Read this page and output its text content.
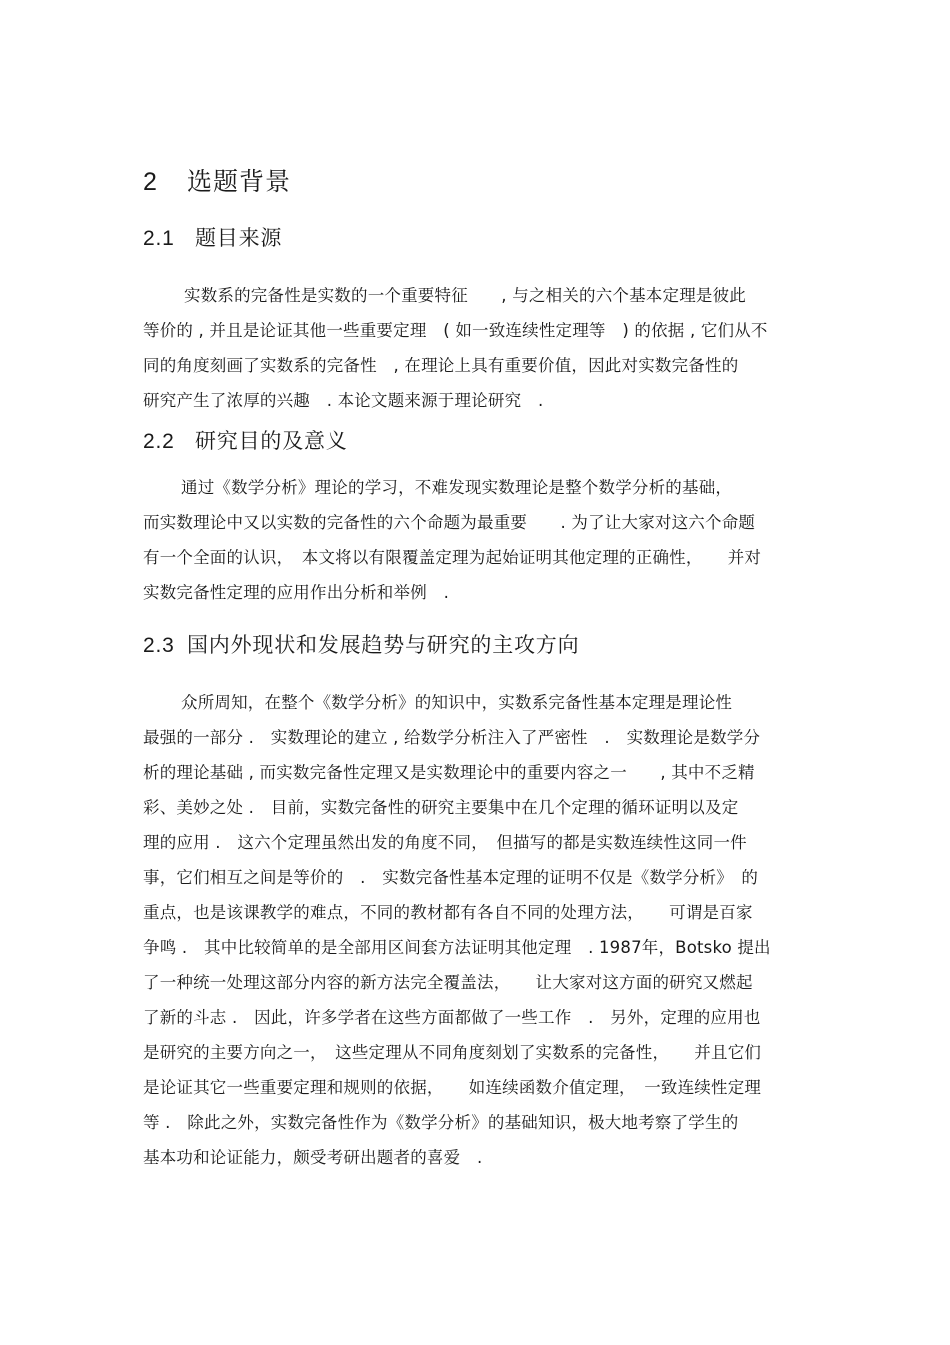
2 选题背景
2.1 题目来源
实数系的完备性是实数的一个重要特征　　, 与之相关的六个基本定理是彼此
等价的 , 并且是论证其他一些重要定理　( 如一致连续性定理等　) 的依据 , 它们从不
同的角度刻画了实数系的完备性　, 在理论上具有重要价值，因此对实数完备性的
研究产生了浓厚的兴趣　. 本论文题来源于理论研究　.
2.2 研究目的及意义
通过《数学分析》理论的学习，不难发现实数理论是整个数学分析的基础，
而实数理论中又以实数的完备性的六个命题为最重要　　. 为了让大家对这六个命题
有一个全面的认识，　本文将以有限覆盖定理为起始证明其他定理的正确性，　　并对
实数完备性定理的应用作出分析和举例　.
2.3 国内外现状和发展趋势与研究的主攻方向
众所周知，在整个《数学分析》的知识中，实数系完备性基本定理是理论性
最强的一部分 .　实数理论的建立 , 给数学分析注入了严密性　.　实数理论是数学分
析的理论基础 , 而实数完备性定理又是实数理论中的重要内容之一　　, 其中不乏精
彩、美妙之处 .　目前，实数完备性的研究主要集中在几个定理的循环证明以及定
理的应用 .　这六个定理虽然出发的角度不同，　但描写的都是实数连续性这同一件
事，它们相互之间是等价的　.　实数完备性基本定理的证明不仅是《数学分析》　的
重点，也是该课教学的难点，不同的教材都有各自不同的处理方法，　　可谓是百家
争鸣 .　其中比较简单的是全部用区间套方法证明其他定理　. 1987年，Botsko 提出
了一种统一处理这部分内容的新方法完全覆盖法，　　让大家对这方面的研究又燃起
了新的斗志 .　因此，许多学者在这些方面都做了一些工作　.　另外，定理的应用也
是研究的主要方向之一，　这些定理从不同角度刻划了实数系的完备性，　　并且它们
是论证其它一些重要定理和规则的依据，　　如连续函数介值定理，　一致连续性定理
等 .　除此之外，实数完备性作为《数学分析》的基础知识，极大地考察了学生的
基本功和论证能力，颇受考研出题者的喜爱　.
